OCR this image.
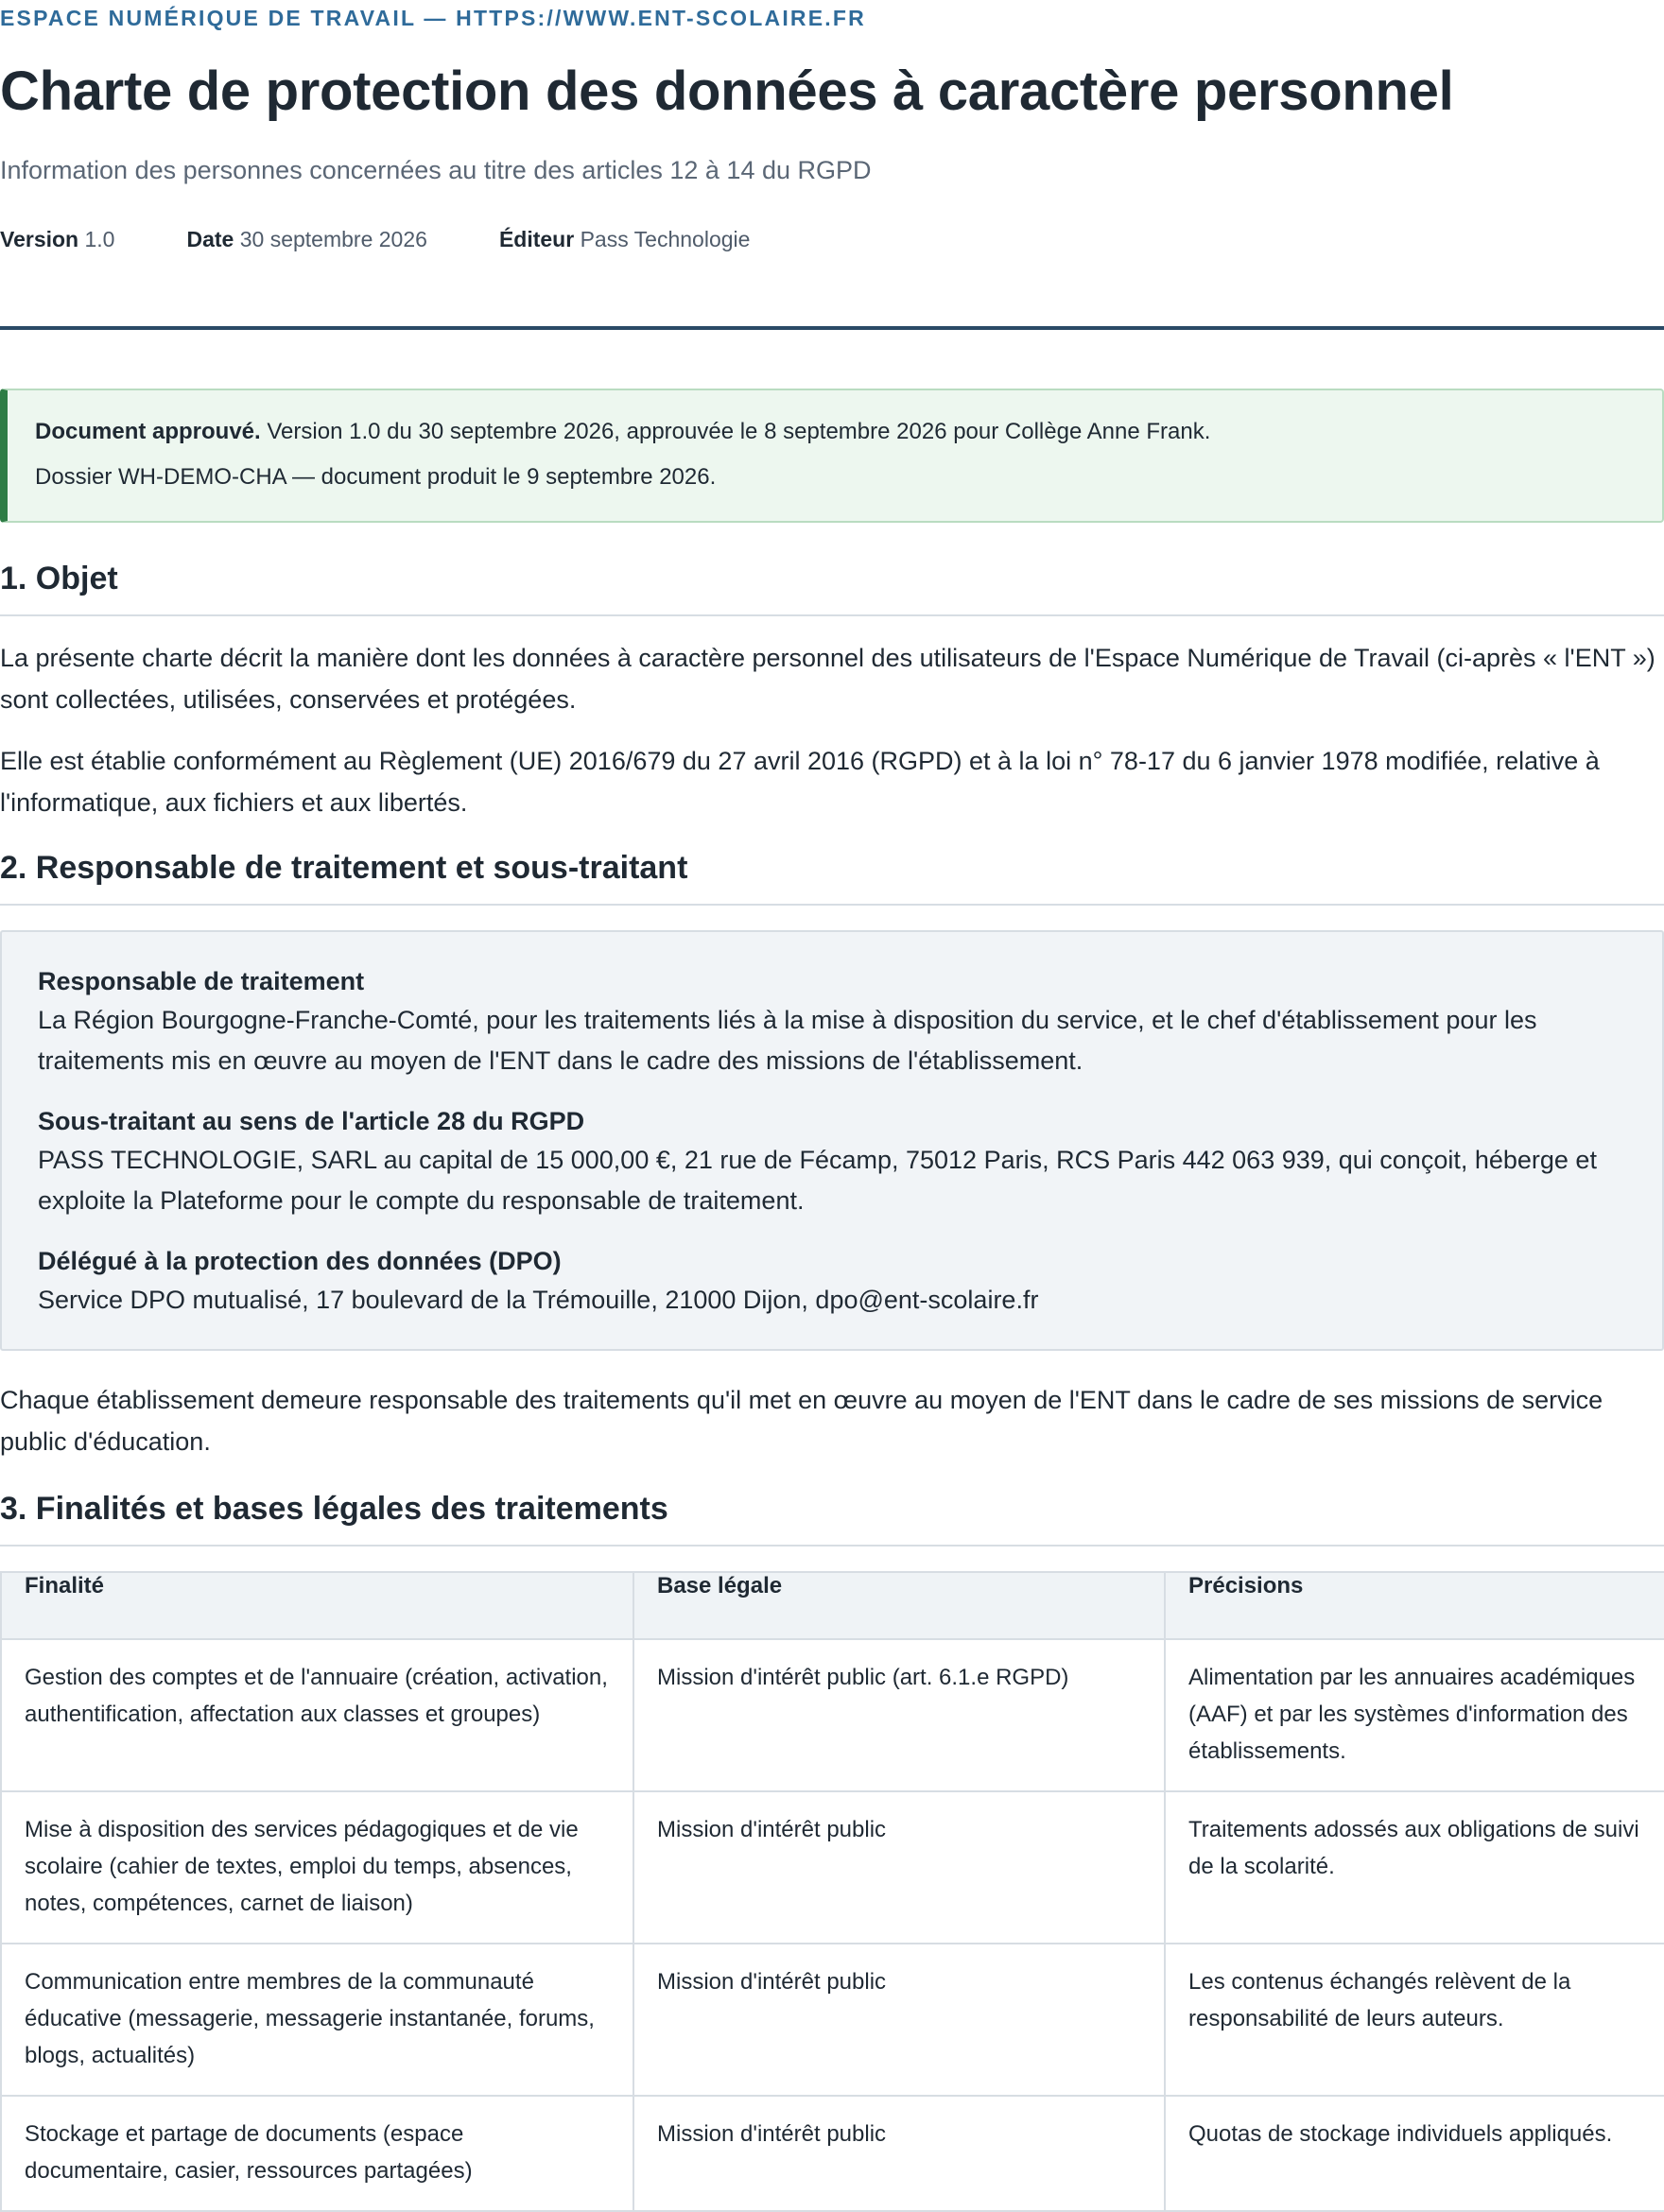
ESPACE NUMÉRIQUE DE TRAVAIL — HTTPS://WWW.ENT-SCOLAIRE.FR
Charte de protection des données à caractère personnel
Information des personnes concernées au titre des articles 12 à 14 du RGPD
Version 1.0	Date 30 septembre 2026	Éditeur Pass Technologie
Document approuvé. Version 1.0 du 30 septembre 2026, approuvée le 8 septembre 2026 pour Collège Anne Frank.
Dossier WH-DEMO-CHA — document produit le 9 septembre 2026.
1. Objet

La présente charte décrit la manière dont les données à caractère personnel des utilisateurs de l'Espace Numérique de Travail (ci-après « l'ENT ») sont collectées, utilisées, conservées et protégées.

Elle est établie conformément au Règlement (UE) 2016/679 du 27 avril 2016 (RGPD) et à la loi n° 78-17 du 6 janvier 1978 modifiée, relative à l'informatique, aux fichiers et aux libertés.

2. Responsable de traitement et sous-traitant
Responsable de traitement
La Région Bourgogne-Franche-Comté, pour les traitements liés à la mise à disposition du service, et le chef d'établissement pour les traitements mis en œuvre au moyen de l'ENT dans le cadre des missions de l'établissement.
Sous-traitant au sens de l'article 28 du RGPD
PASS TECHNOLOGIE, SARL au capital de 15 000,00 €, 21 rue de Fécamp, 75012 Paris, RCS Paris 442 063 939, qui conçoit, héberge et exploite la Plateforme pour le compte du responsable de traitement.
Délégué à la protection des données (DPO)
Service DPO mutualisé, 17 boulevard de la Trémouille, 21000 Dijon, dpo@ent-scolaire.fr

Chaque établissement demeure responsable des traitements qu'il met en œuvre au moyen de l'ENT dans le cadre de ses missions de service public d'éducation.

3. Finalités et bases légales des traitements
Finalité	Base légale	Précisions
Gestion des comptes et de l'annuaire (création, activation, authentification, affectation aux classes et groupes)	Mission d'intérêt public (art. 6.1.e RGPD)	Alimentation par les annuaires académiques (AAF) et par les systèmes d'information des établissements.
Mise à disposition des services pédagogiques et de vie scolaire (cahier de textes, emploi du temps, absences, notes, compétences, carnet de liaison)	Mission d'intérêt public	Traitements adossés aux obligations de suivi de la scolarité.
Communication entre membres de la communauté éducative (messagerie, messagerie instantanée, forums, blogs, actualités)	Mission d'intérêt public	Les contenus échangés relèvent de la responsabilité de leurs auteurs.
Stockage et partage de documents (espace documentaire, casier, ressources partagées)	Mission d'intérêt public	Quotas de stockage individuels appliqués.
